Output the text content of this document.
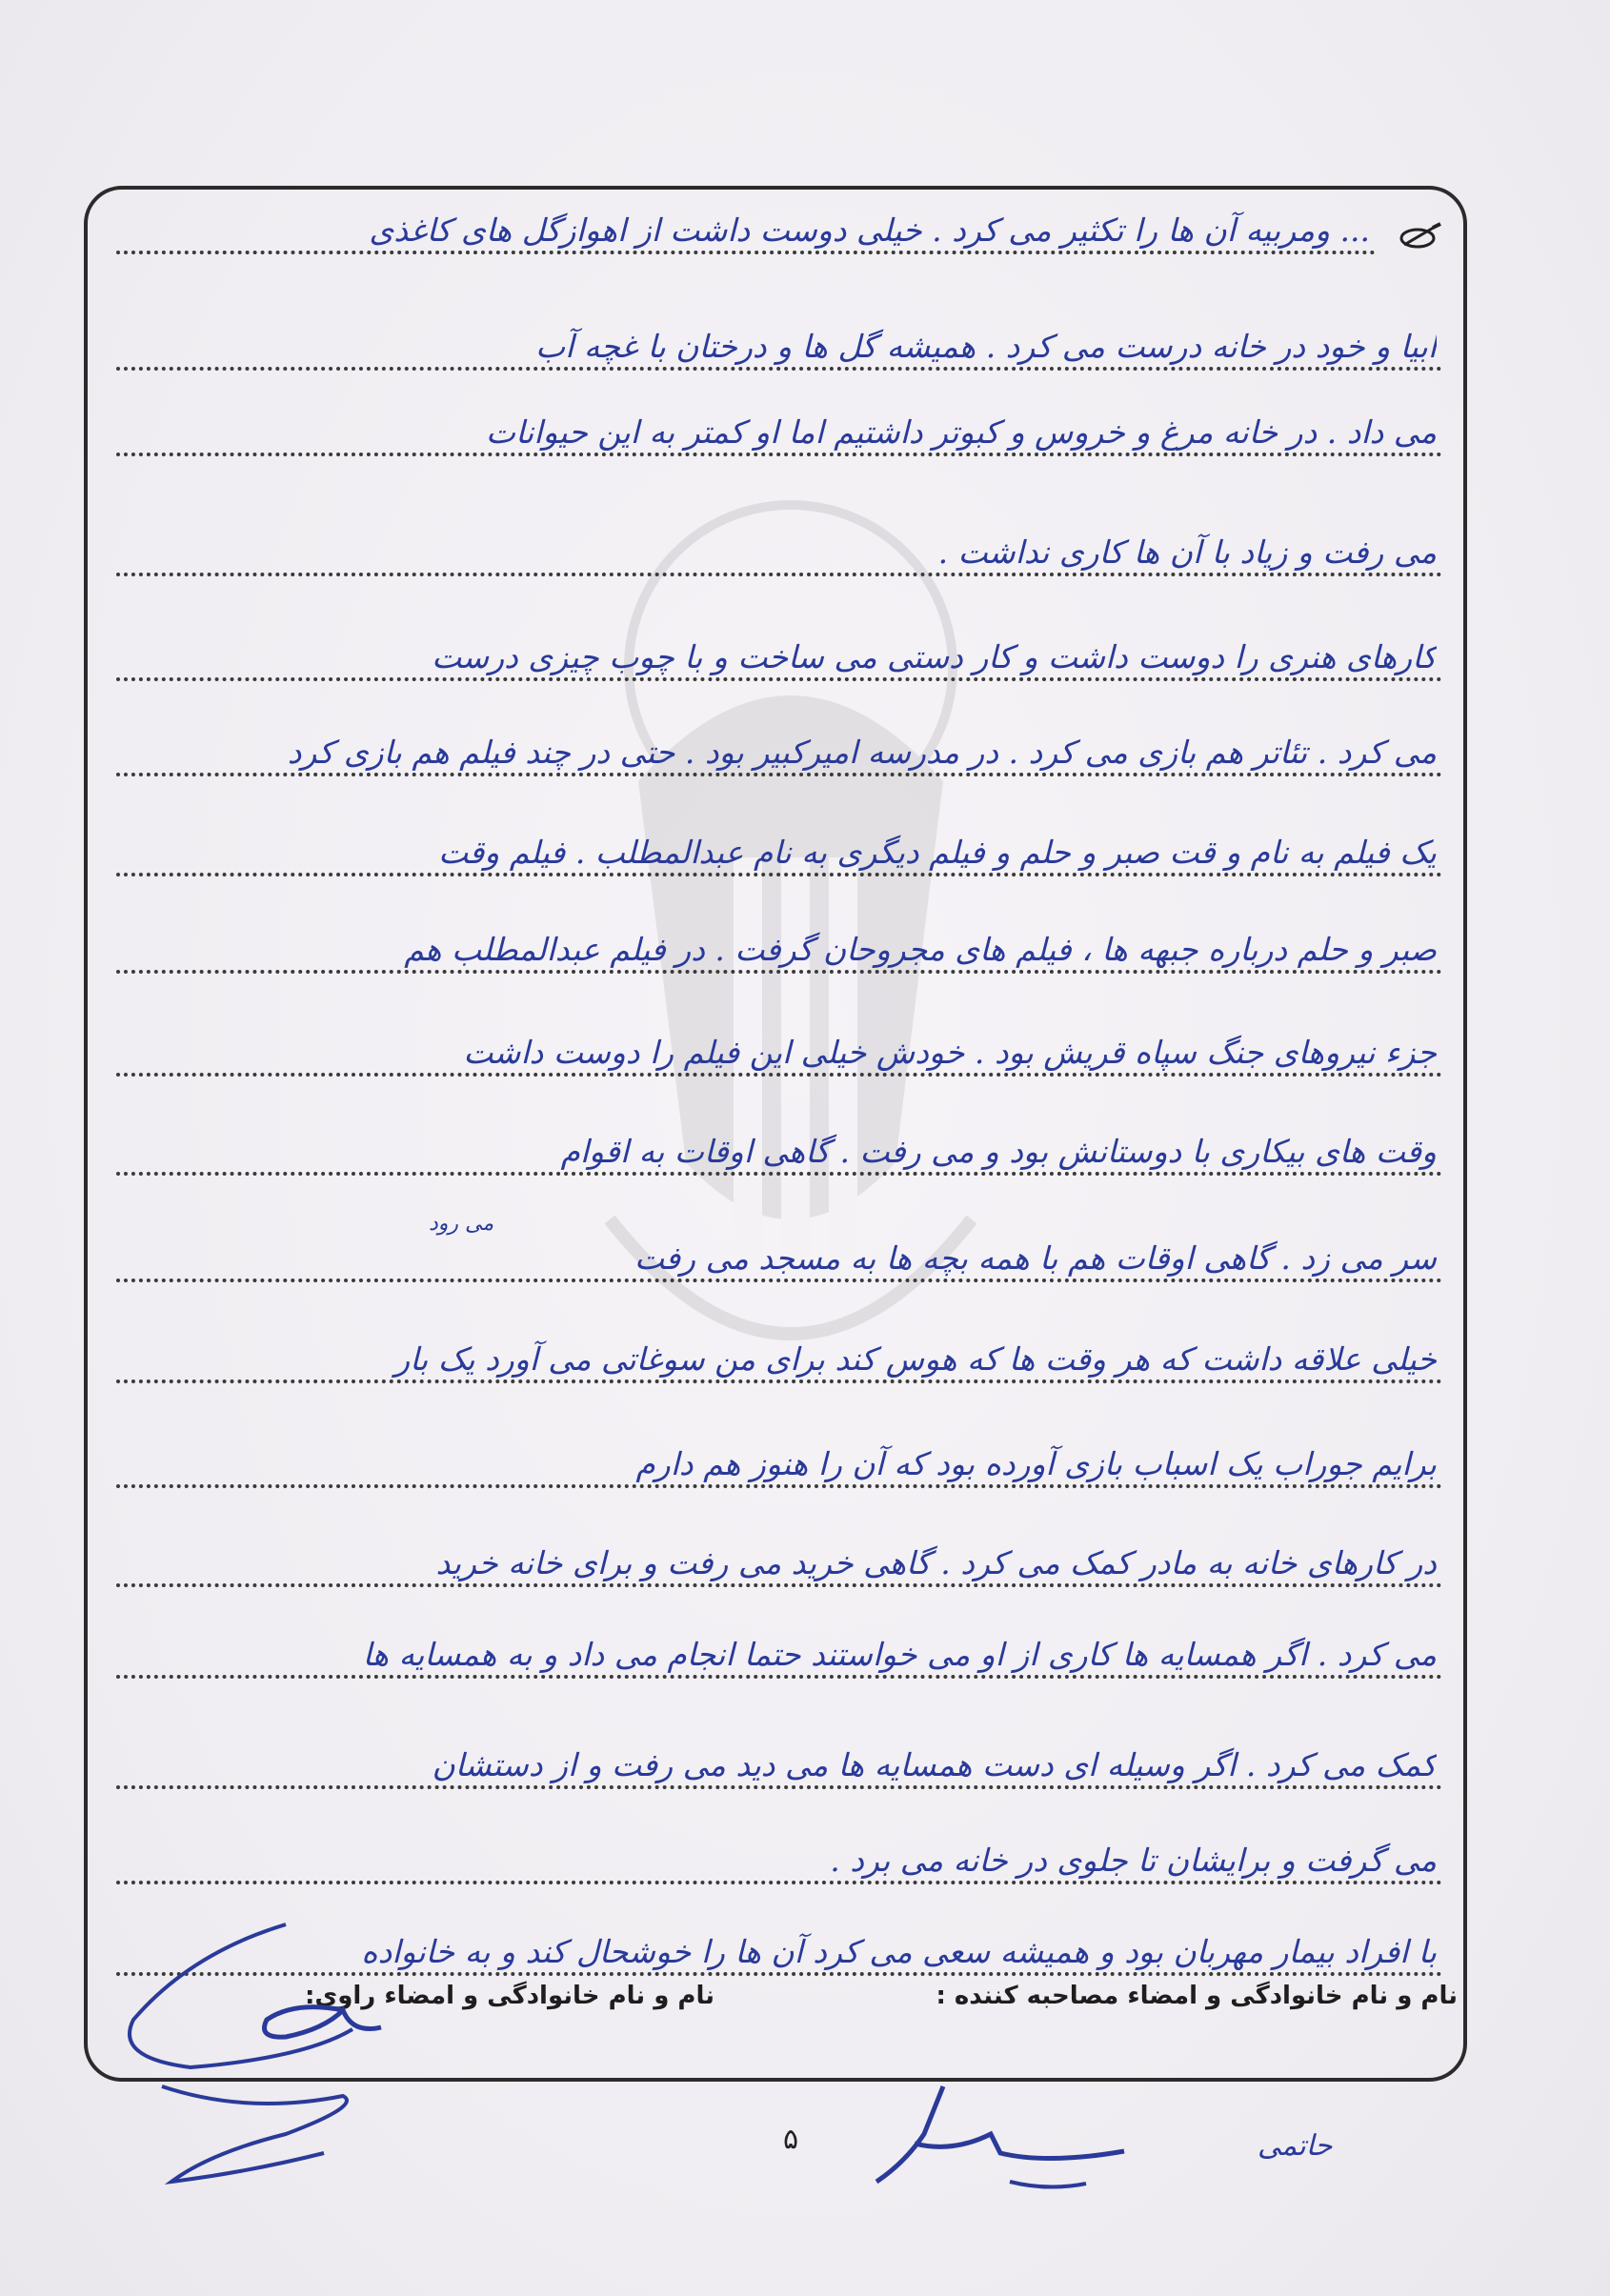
... ومربیه آن ها را تکثیر می کرد . خیلی دوست داشت از اهوازگل های کاغذی
ابیا و خود در خانه درست می کرد . همیشه گل ها و درختان با غچه آب
می داد . در خانه مرغ و خروس و کبوتر داشتیم اما او کمتر به این حیوانات
می رفت و زیاد با آن ها کاری نداشت .
کارهای هنری را دوست داشت و کار دستی می ساخت و با چوب چیزی درست
می کرد . تئاتر هم بازی می کرد . در مدرسه امیرکبیر بود . حتی در چند فیلم هم بازی کرد
یک فیلم به نام و قت صبر و حلم و فیلم دیگری به نام عبدالمطلب . فیلم وقت
صبر و حلم درباره جبهه ها ، فیلم های مجروحان گرفت . در فیلم عبدالمطلب هم
جزء نیروهای جنگ سپاه قریش بود . خودش خیلی این فیلم را دوست داشت
وقت های بیکاری با دوستانش بود و می رفت . گاهی اوقات به اقوام
سر می زد . گاهی اوقات هم با همه بچه ها به مسجد می رفت
خیلی علاقه داشت که هر وقت ها که هوس کند برای من سوغاتی می آورد یک بار
برایم جوراب یک اسباب بازی آورده بود که آن را هنوز هم دارم
در کارهای خانه به مادر کمک می کرد . گاهی خرید می رفت و برای خانه خرید
می کرد . اگر همسایه ها کاری از او می خواستند حتما انجام می داد و به همسایه ها
کمک می کرد . اگر وسیله ای دست همسایه ها می دید می رفت و از دستشان
می گرفت و برایشان تا جلوی در خانه می برد .
با افراد بیمار مهربان بود و همیشه سعی می کرد آن ها را خوشحال کند و به خانواده
می رود
نام و نام خانوادگی و امضاء مصاحبه کننده :
نام و نام خانوادگی و امضاء راوی:
۵	حاتمی
